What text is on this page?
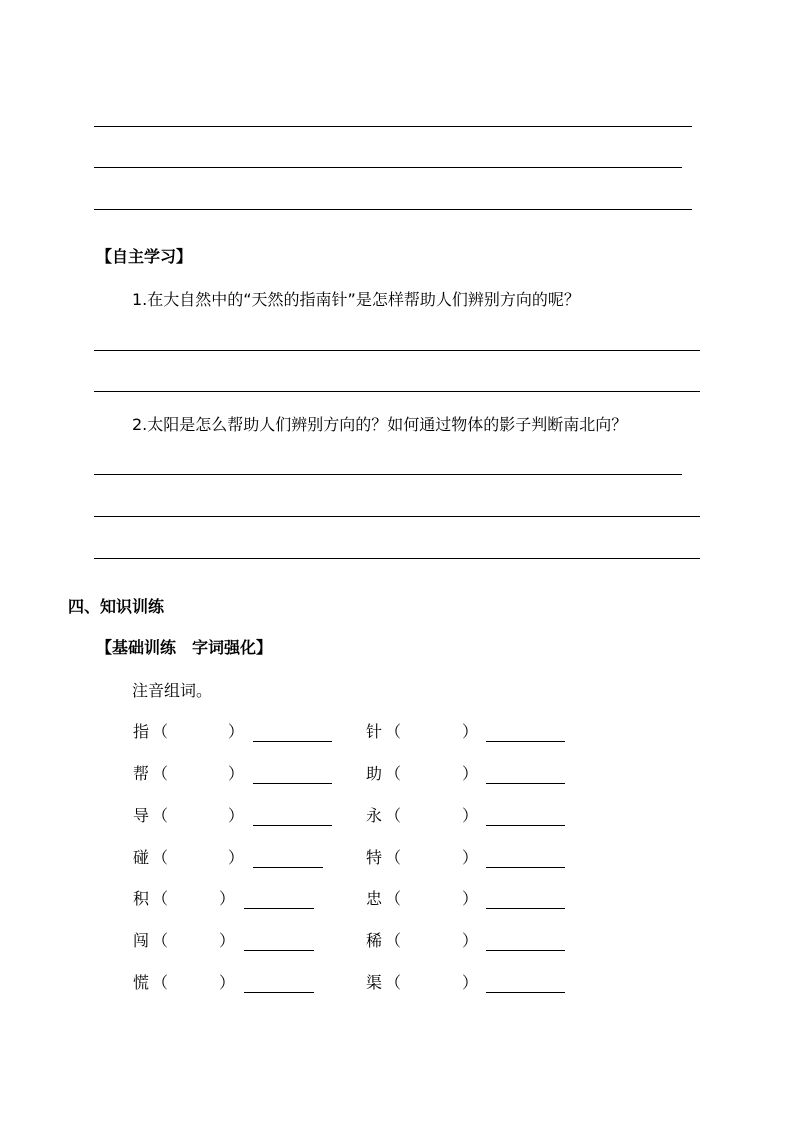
【自主学习】
1.在大自然中的“天然的指南针”是怎样帮助人们辨别方向的呢？
2.太阳是怎么帮助人们辨别方向的？如何通过物体的影子判断南北向？
四、知识训练
【基础训练　字词强化】
注音组词。
指 （	）	针 （	）
帮 （	）	助 （	）
导 （	）	永 （	）
碰 （	）	特 （	）
积 （	）	忠 （	）
闯 （	）	稀 （	）
慌 （	）	渠 （	）
